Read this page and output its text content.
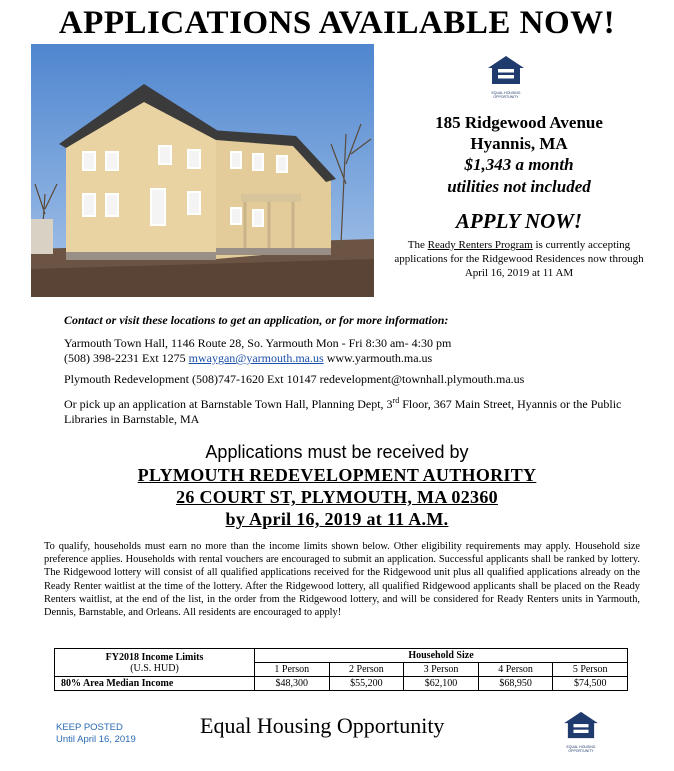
APPLICATIONS AVAILABLE NOW!
EQUAL HOUSING
OPPORTUNITY
185 Ridgewood Avenue
Hyannis, MA
$1,343 a month
utilities not included
APPLY NOW!
The Ready Renters Program is currently accepting applications for the Ridgewood Residences now through April 16, 2019 at 11 AM
Contact or visit these locations to get an application, or for more information:

Yarmouth Town Hall, 1146 Route 28, So. Yarmouth Mon - Fri 8:30 am- 4:30 pm
(508) 398-2231 Ext 1275 mwaygan@yarmouth.ma.us www.yarmouth.ma.us

Plymouth Redevelopment (508)747-1620 Ext 10147 redevelopment@townhall.plymouth.ma.us

Or pick up an application at Barnstable Town Hall, Planning Dept, 3rd Floor, 367 Main Street, Hyannis or the Public Libraries in Barnstable, MA

Applications must be received by
PLYMOUTH REDEVELOPMENT AUTHORITY
26 COURT ST, PLYMOUTH, MA 02360
by April 16, 2019 at 11 A.M.
To qualify, households must earn no more than the income limits shown below. Other eligibility requirements may apply. Household size preference applies. Households with rental vouchers are encouraged to submit an application. Successful applicants shall be ranked by lottery. The Ridgewood lottery will consist of all qualified applications received for the Ridgewood unit plus all qualified applications already on the Ready Renter waitlist at the time of the lottery. After the Ridgewood lottery, all qualified Ridgewood applicants shall be placed on the Ready Renters waitlist, at the end of the list, in the order from the Ridgewood lottery, and will be considered for Ready Renters units in Yarmouth, Dennis, Barnstable, and Orleans. All residents are encouraged to apply!
FY2018 Income Limits
(U.S. HUD)	Household Size				
	1 Person	2 Person	3 Person	4 Person	5 Person
80% Area Median Income	$48,300	$55,200	$62,100	$68,950	$74,500
KEEP POSTED
Until April 16, 2019
Equal Housing Opportunity
EQUAL HOUSING
OPPORTUNITY
